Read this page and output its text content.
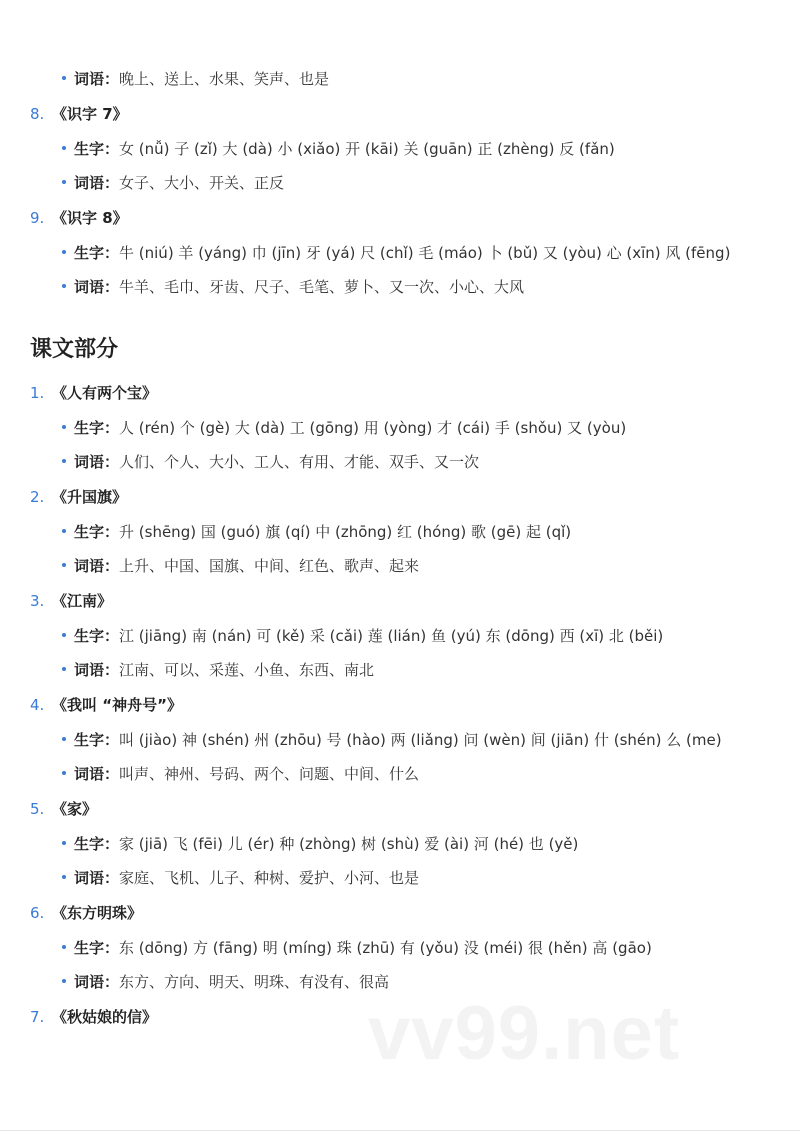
词语：晚上、送上、水果、笑声、也是
8. 《识字 7》
生字：女 (nǚ) 子 (zǐ) 大 (dà) 小 (xiǎo) 开 (kāi) 关 (guān) 正 (zhèng) 反 (fǎn)
词语：女子、大小、开关、正反
9. 《识字 8》
生字：牛 (niú) 羊 (yáng) 巾 (jīn) 牙 (yá) 尺 (chǐ) 毛 (máo) 卜 (bǔ) 又 (yòu) 心 (xīn) 风 (fēng)
词语：牛羊、毛巾、牙齿、尺子、毛笔、萝卜、又一次、小心、大风
课文部分
1. 《人有两个宝》
生字：人 (rén) 个 (gè) 大 (dà) 工 (gōng) 用 (yòng) 才 (cái) 手 (shǒu) 又 (yòu)
词语：人们、个人、大小、工人、有用、才能、双手、又一次
2. 《升国旗》
生字：升 (shēng) 国 (guó) 旗 (qí) 中 (zhōng) 红 (hóng) 歌 (gē) 起 (qǐ)
词语：上升、中国、国旗、中间、红色、歌声、起来
3. 《江南》
生字：江 (jiāng) 南 (nán) 可 (kě) 采 (cǎi) 莲 (lián) 鱼 (yú) 东 (dōng) 西 (xī) 北 (běi)
词语：江南、可以、采莲、小鱼、东西、南北
4. 《我叫 “神舟号”》
生字：叫 (jiào) 神 (shén) 州 (zhōu) 号 (hào) 两 (liǎng) 问 (wèn) 间 (jiān) 什 (shén) 么 (me)
词语：叫声、神州、号码、两个、问题、中间、什么
5. 《家》
生字：家 (jiā) 飞 (fēi) 儿 (ér) 种 (zhòng) 树 (shù) 爱 (ài) 河 (hé) 也 (yě)
词语：家庭、飞机、儿子、种树、爱护、小河、也是
6. 《东方明珠》
生字：东 (dōng) 方 (fāng) 明 (míng) 珠 (zhū) 有 (yǒu) 没 (méi) 很 (hěn) 高 (gāo)
词语：东方、方向、明天、明珠、有没有、很高
7. 《秋姑娘的信》	vv99.net
